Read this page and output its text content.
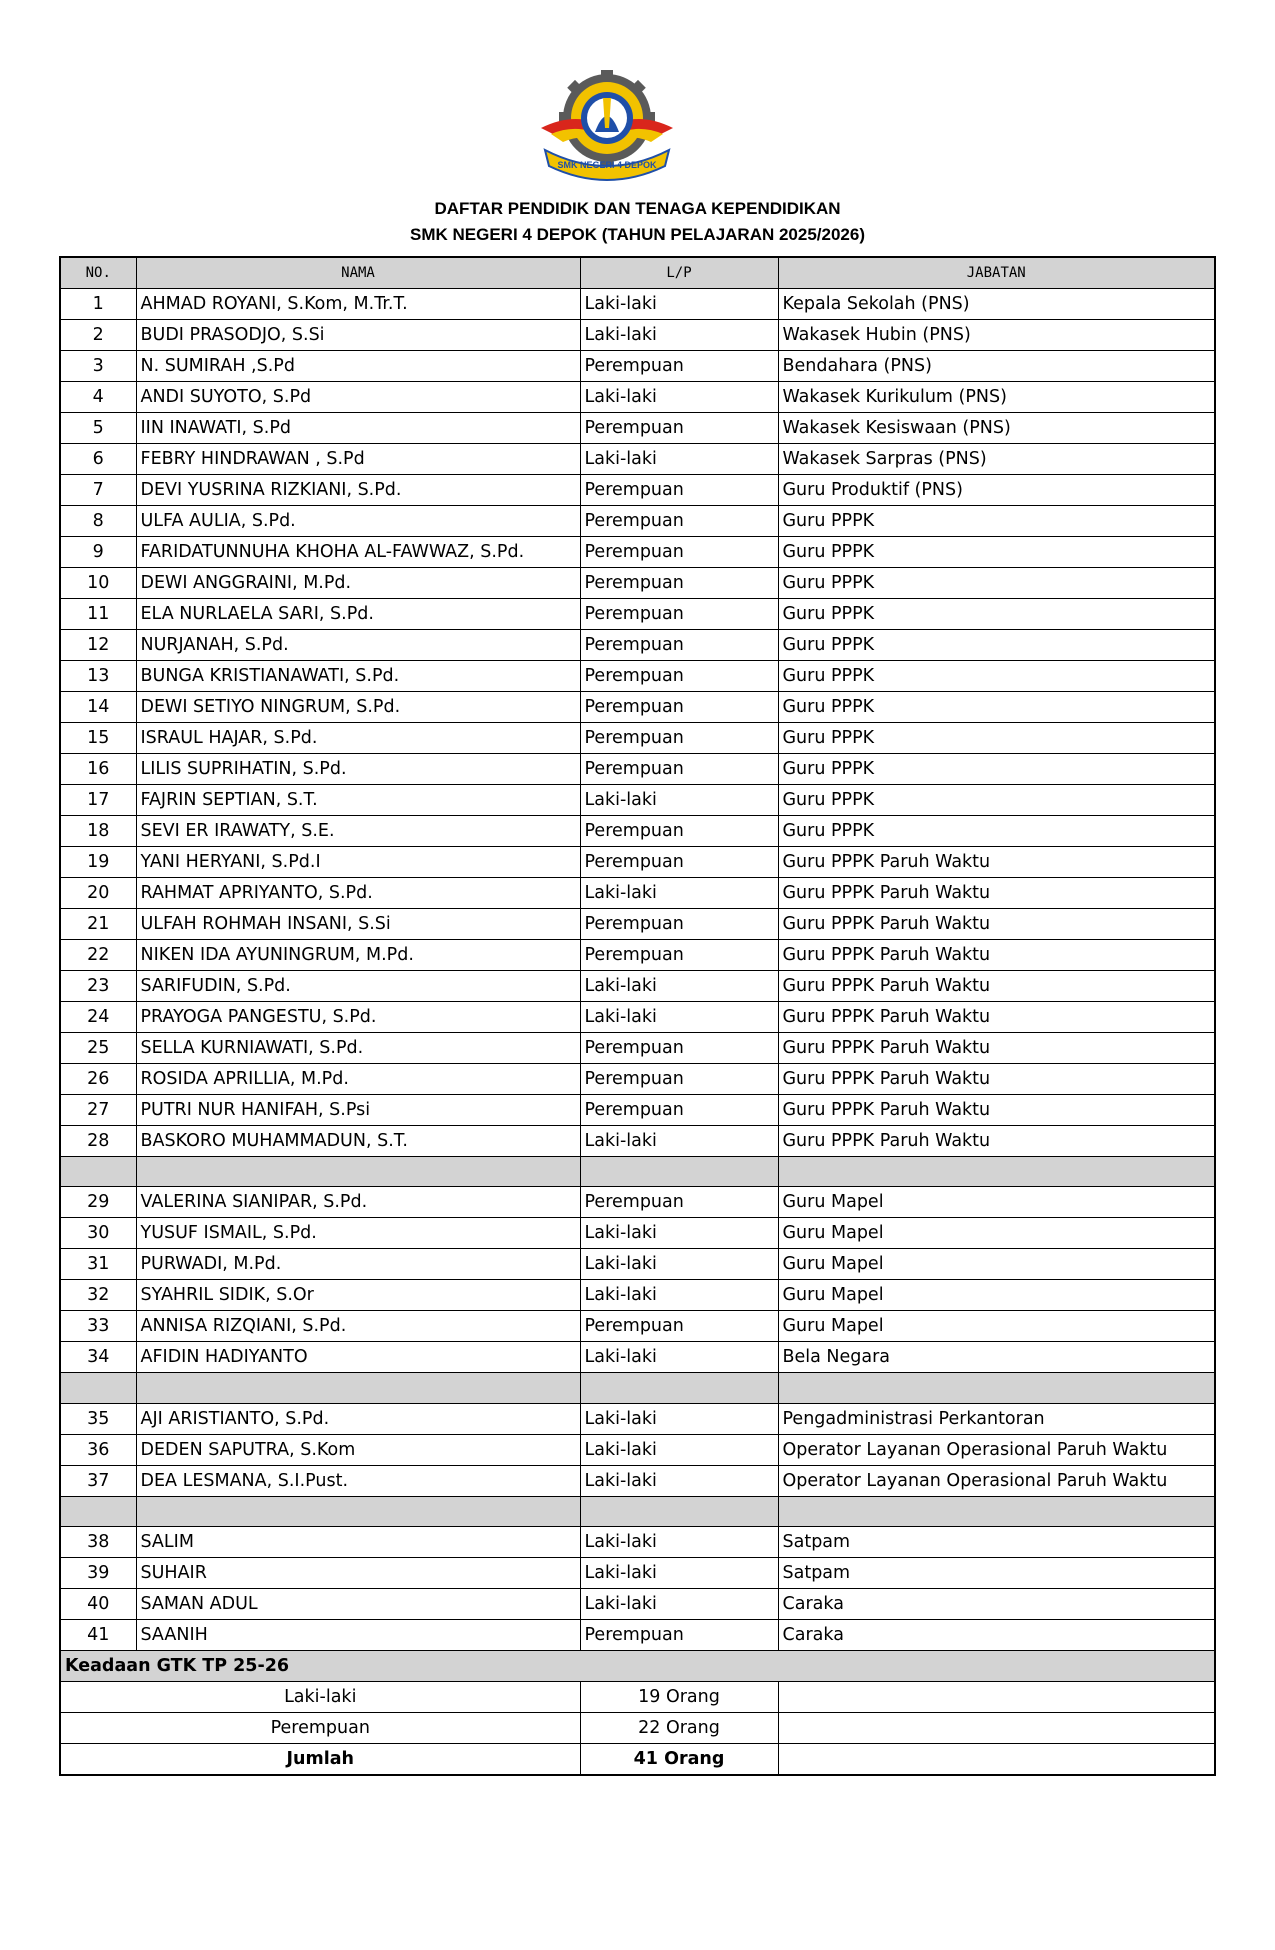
SMK NEGERI 4 DEPOK
DAFTAR PENDIDIK DAN TENAGA KEPENDIDIKAN
SMK NEGERI 4 DEPOK (TAHUN PELAJARAN 2025/2026)
NO.	NAMA	L/P	JABATAN
1	AHMAD ROYANI, S.Kom, M.Tr.T.	Laki-laki	Kepala Sekolah (PNS)
2	BUDI PRASODJO, S.Si	Laki-laki	Wakasek Hubin (PNS)
3	N. SUMIRAH ,S.Pd	Perempuan	Bendahara (PNS)
4	ANDI SUYOTO, S.Pd	Laki-laki	Wakasek Kurikulum (PNS)
5	IIN INAWATI, S.Pd	Perempuan	Wakasek Kesiswaan (PNS)
6	FEBRY HINDRAWAN , S.Pd	Laki-laki	Wakasek Sarpras (PNS)
7	DEVI YUSRINA RIZKIANI, S.Pd.	Perempuan	Guru Produktif (PNS)
8	ULFA AULIA, S.Pd.	Perempuan	Guru PPPK
9	FARIDATUNNUHA KHOHA AL-FAWWAZ, S.Pd.	Perempuan	Guru PPPK
10	DEWI ANGGRAINI, M.Pd.	Perempuan	Guru PPPK
11	ELA NURLAELA SARI, S.Pd.	Perempuan	Guru PPPK
12	NURJANAH, S.Pd.	Perempuan	Guru PPPK
13	BUNGA KRISTIANAWATI, S.Pd.	Perempuan	Guru PPPK
14	DEWI SETIYO NINGRUM, S.Pd.	Perempuan	Guru PPPK
15	ISRAUL HAJAR, S.Pd.	Perempuan	Guru PPPK
16	LILIS SUPRIHATIN, S.Pd.	Perempuan	Guru PPPK
17	FAJRIN SEPTIAN, S.T.	Laki-laki	Guru PPPK
18	SEVI ER IRAWATY, S.E.	Perempuan	Guru PPPK
19	YANI HERYANI, S.Pd.I	Perempuan	Guru PPPK Paruh Waktu
20	RAHMAT APRIYANTO, S.Pd.	Laki-laki	Guru PPPK Paruh Waktu
21	ULFAH ROHMAH INSANI, S.Si	Perempuan	Guru PPPK Paruh Waktu
22	NIKEN IDA AYUNINGRUM, M.Pd.	Perempuan	Guru PPPK Paruh Waktu
23	SARIFUDIN, S.Pd.	Laki-laki	Guru PPPK Paruh Waktu
24	PRAYOGA PANGESTU, S.Pd.	Laki-laki	Guru PPPK Paruh Waktu
25	SELLA KURNIAWATI, S.Pd.	Perempuan	Guru PPPK Paruh Waktu
26	ROSIDA APRILLIA, M.Pd.	Perempuan	Guru PPPK Paruh Waktu
27	PUTRI NUR HANIFAH, S.Psi	Perempuan	Guru PPPK Paruh Waktu
28	BASKORO MUHAMMADUN, S.T.	Laki-laki	Guru PPPK Paruh Waktu

29	VALERINA SIANIPAR, S.Pd.	Perempuan	Guru Mapel
30	YUSUF ISMAIL, S.Pd.	Laki-laki	Guru Mapel
31	PURWADI, M.Pd.	Laki-laki	Guru Mapel
32	SYAHRIL SIDIK, S.Or	Laki-laki	Guru Mapel
33	ANNISA RIZQIANI, S.Pd.	Perempuan	Guru Mapel
34	AFIDIN HADIYANTO	Laki-laki	Bela Negara

35	AJI ARISTIANTO, S.Pd.	Laki-laki	Pengadministrasi Perkantoran
36	DEDEN SAPUTRA, S.Kom	Laki-laki	Operator Layanan Operasional Paruh Waktu
37	DEA LESMANA, S.I.Pust.	Laki-laki	Operator Layanan Operasional Paruh Waktu

38	SALIM	Laki-laki	Satpam
39	SUHAIR	Laki-laki	Satpam
40	SAMAN ADUL	Laki-laki	Caraka
41	SAANIH	Perempuan	Caraka
Keadaan GTK TP 25-26			
Laki-laki		19 Orang	
Perempuan		22 Orang	
Jumlah		41 Orang	
